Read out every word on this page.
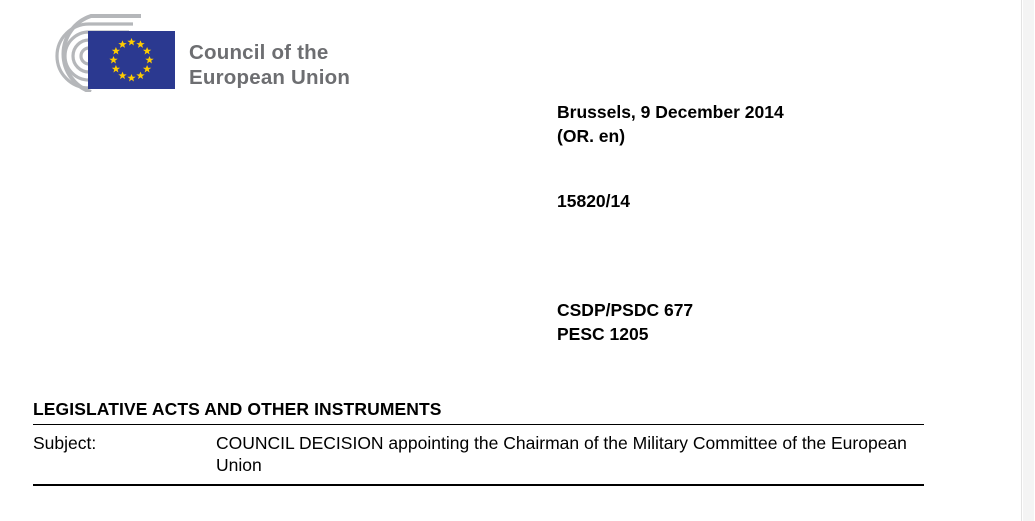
Council of the
European Union
Brussels, 9 December 2014
(OR. en)
15820/14
CSDP/PSDC 677
PESC 1205
LEGISLATIVE ACTS AND OTHER INSTRUMENTS
Subject:	COUNCIL DECISION appointing the Chairman of the Military Committee of the European Union
